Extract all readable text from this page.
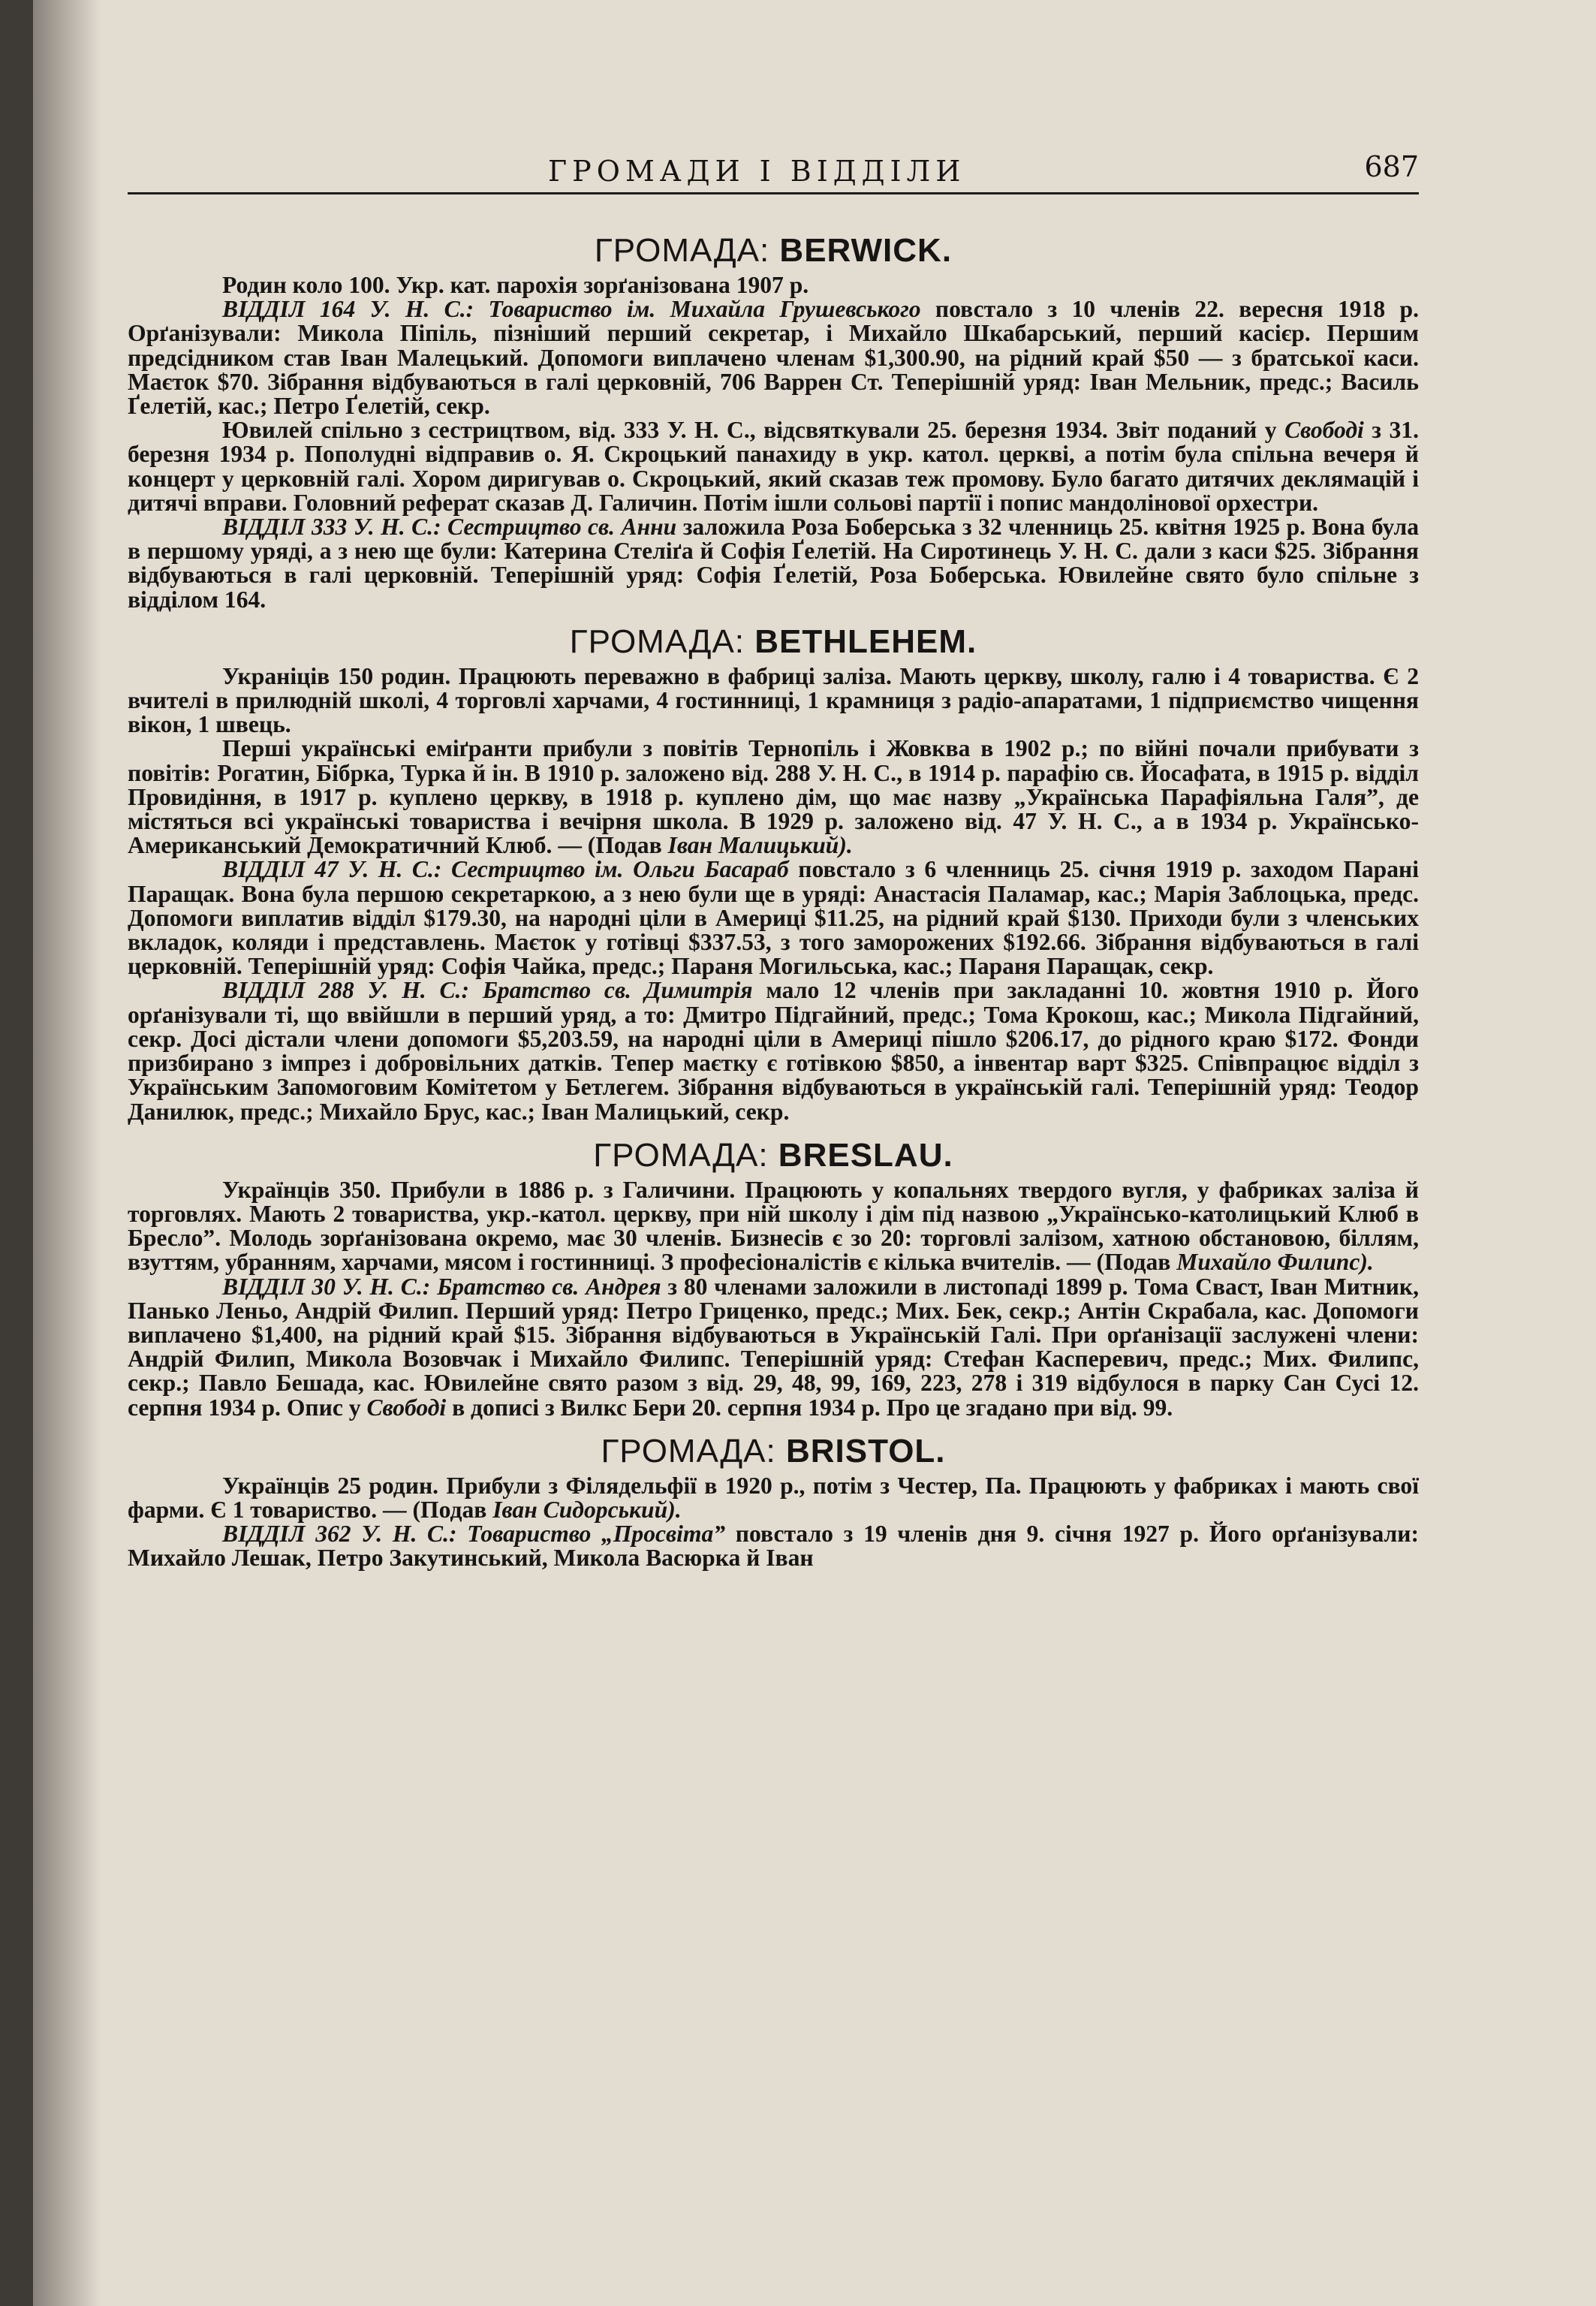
ГРОМАДИ І ВІДДІЛИ	687
ГРОМАДА: BERWICK.

Родин коло 100. Укр. кат. парохія зорґанізована 1907 р.

ВІДДІЛ 164 У. Н. С.: Товариство ім. Михайла Грушевського повстало з 10 членів 22. вересня 1918 р. Орґанізували: Микола Піпіль, пізніший перший секретар, і Михайло Шкабарський, перший касієр. Першим предсідником став Іван Малецький. Допомоги виплачено членам $1,300.90, на рідний край $50 — з братської каси. Маєток $70. Зібрання відбуваються в галі церковній, 706 Варрен Ст. Теперішній уряд: Іван Мельник, предс.; Василь Ґелетій, кас.; Петро Ґелетій, секр.

Ювилей спільно з сестрицтвом, від. 333 У. Н. С., відсвяткували 25. березня 1934. Звіт поданий у Свободі з 31. березня 1934 р. Пополудні відправив о. Я. Скроцький панахиду в укр. катол. церкві, а потім була спільна вечеря й концерт у церковній галі. Хором диригував о. Скроцький, який сказав теж промову. Було багато дитячих деклямацій і дитячі вправи. Головний реферат сказав Д. Галичин. Потім ішли сольові партії і попис мандолінової орхестри.

ВІДДІЛ 333 У. Н. С.: Сестрицтво св. Анни заложила Роза Боберська з 32 членниць 25. квітня 1925 р. Вона була в першому уряді, а з нею ще були: Катерина Стеліґа й Софія Ґелетій. На Сиротинець У. Н. С. дали з каси $25. Зібрання відбуваються в галі церковній. Теперішній уряд: Софія Ґелетій, Роза Боберська. Ювилейне свято було спільне з відділом 164.

ГРОМАДА: BETHLEHEM.

Украніців 150 родин. Працюють переважно в фабриці заліза. Мають церкву, школу, галю і 4 товариства. Є 2 вчителі в прилюдній школі, 4 торговлі харчами, 4 гостинниці, 1 крамниця з радіо-апаратами, 1 підприємство чищення вікон, 1 швець.

Перші українські еміґранти прибули з повітів Тернопіль і Жовква в 1902 р.; по війні почали прибувати з повітів: Рогатин, Бібрка, Турка й ін. В 1910 р. заложено від. 288 У. Н. С., в 1914 р. парафію св. Йосафата, в 1915 р. відділ Провидіння, в 1917 р. куплено церкву, в 1918 р. куплено дім, що має назву „Українська Парафіяльна Галя”, де містяться всі українські товариства і вечірня школа. В 1929 р. заложено від. 47 У. Н. С., а в 1934 р. Українсько-Американський Демократичний Клюб. — (Подав Іван Малицький).

ВІДДІЛ 47 У. Н. С.: Сестрицтво ім. Ольги Басараб повстало з 6 членниць 25. січня 1919 р. заходом Парані Паращак. Вона була першою секретаркою, а з нею були ще в уряді: Анастасія Паламар, кас.; Марія Заблоцька, предс. Допомоги виплатив відділ $179.30, на народні ціли в Америці $11.25, на рідний край $130. Приходи були з членських вкладок, коляди і представлень. Маєток у готівці $337.53, з того заморожених $192.66. Зібрання відбуваються в галі церковній. Теперішній уряд: Софія Чайка, предс.; Параня Могильська, кас.; Параня Паращак, секр.

ВІДДІЛ 288 У. Н. С.: Братство св. Димитрія мало 12 членів при закладанні 10. жовтня 1910 р. Його орґанізували ті, що ввійшли в перший уряд, а то: Дмитро Підгайний, предс.; Тома Крокош, кас.; Микола Підгайний, секр. Досі дістали члени допомоги $5,203.59, на народні ціли в Америці пішло $206.17, до рідного краю $172. Фонди призбирано з імпрез і добровільних датків. Тепер маєтку є готівкою $850, а інвентар варт $325. Співпрацює відділ з Українським Запомоговим Комітетом у Бетлегем. Зібрання відбуваються в українській галі. Теперішній уряд: Теодор Данилюк, предс.; Михайло Брус, кас.; Іван Малицький, секр.

ГРОМАДА: BRESLAU.

Українців 350. Прибули в 1886 р. з Галичини. Працюють у копальнях твердого вугля, у фабриках заліза й торговлях. Мають 2 товариства, укр.-катол. церкву, при ній школу і дім під назвою „Українсько-католицький Клюб в Бресло”. Молодь зорґанізована окремо, має 30 членів. Бизнесів є зо 20: торговлі залізом, хатною обстановою, біллям, взуттям, убранням, харчами, мясом і гостинниці. З професіоналістів є кілька вчителів. — (Подав Михайло Филипс).

ВІДДІЛ 30 У. Н. С.: Братство св. Андрея з 80 членами заложили в листопаді 1899 р. Тома Сваст, Іван Митник, Панько Леньо, Андрій Филип. Перший уряд: Петро Гриценко, предс.; Мих. Бек, секр.; Антін Скрабала, кас. Допомоги виплачено $1,400, на рідний край $15. Зібрання відбуваються в Українській Галі. При орґанізації заслужені члени: Андрій Филип, Микола Возовчак і Михайло Филипс. Теперішній уряд: Стефан Касперевич, предс.; Мих. Филипс, секр.; Павло Бешада, кас. Ювилейне свято разом з від. 29, 48, 99, 169, 223, 278 і 319 відбулося в парку Сан Сусі 12. серпня 1934 р. Опис у Свободі в дописі з Вилкс Бери 20. серпня 1934 р. Про це згадано при від. 99.

ГРОМАДА: BRISTOL.

Українців 25 родин. Прибули з Філядельфії в 1920 р., потім з Честер, Па. Працюють у фабриках і мають свої фарми. Є 1 товариство. — (Подав Іван Сидорський).

ВІДДІЛ 362 У. Н. С.: Товариство „Просвіта” повстало з 19 членів дня 9. січня 1927 р. Його орґанізували: Михайло Лешак, Петро Закутинський, Микола Васюрка й Іван
